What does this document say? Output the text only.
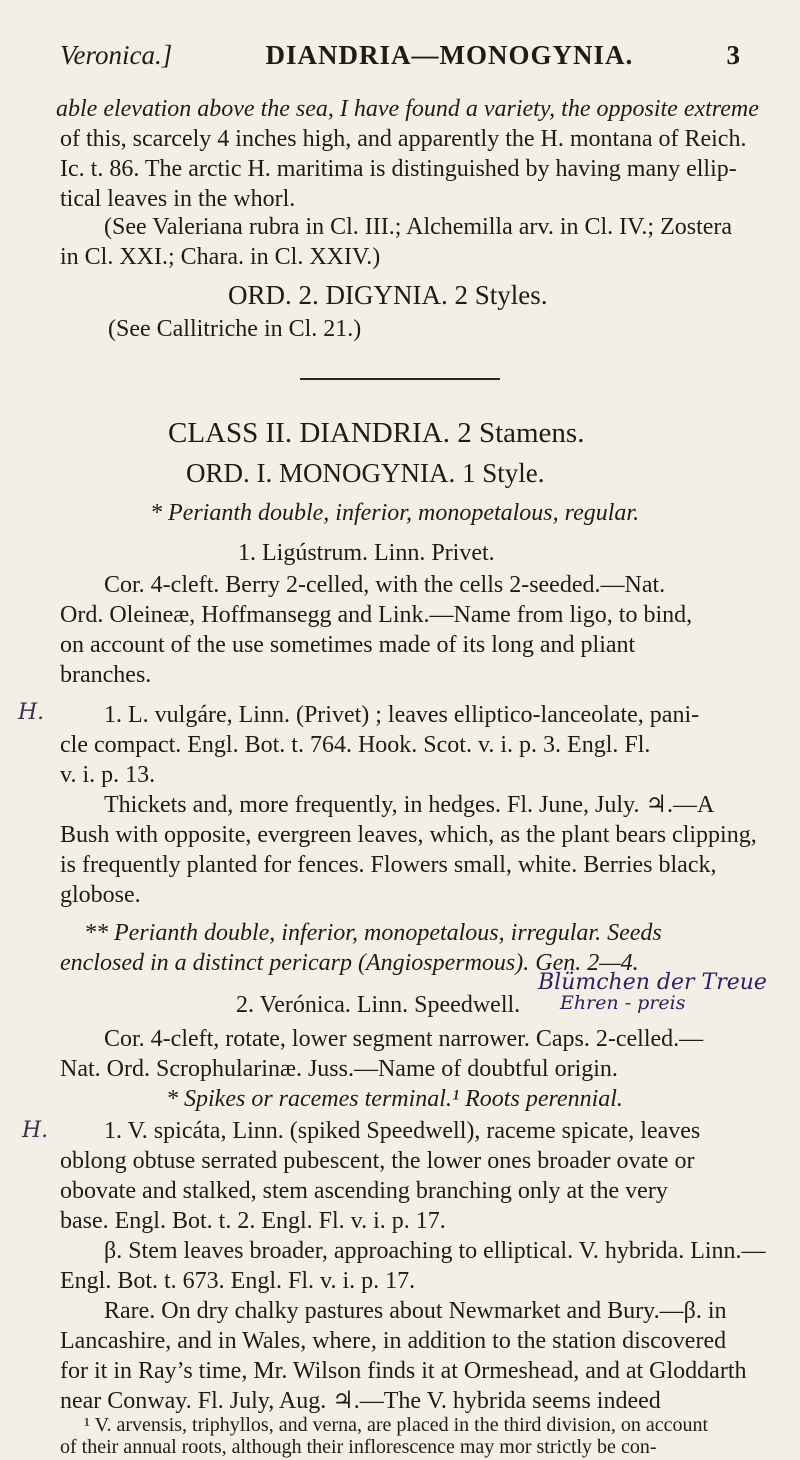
Veronica.]	DIANDRIA—MONOGYNIA.	3
able elevation above the sea, I have found a variety, the opposite extreme
of this, scarcely 4 inches high, and apparently the H. montana of Reich.
Ic. t. 86. The arctic H. maritima is distinguished by having many ellip-
tical leaves in the whorl.
(See Valeriana rubra in Cl. III.; Alchemilla arv. in Cl. IV.; Zostera
in Cl. XXI.; Chara. in Cl. XXIV.)
ORD. 2. DIGYNIA. 2 Styles.
(See Callitriche in Cl. 21.)
CLASS II. DIANDRIA. 2 Stamens.
ORD. I. MONOGYNIA. 1 Style.
* Perianth double, inferior, monopetalous, regular.
1. Ligústrum. Linn. Privet.
Cor. 4-cleft. Berry 2-celled, with the cells 2-seeded.—Nat.
Ord. Oleineæ, Hoffmansegg and Link.—Name from ligo, to bind,
on account of the use sometimes made of its long and pliant
branches.
H. 1. L. vulgáre, Linn. (Privet) ; leaves elliptico-lanceolate, pani-
cle compact. Engl. Bot. t. 764. Hook. Scot. v. i. p. 3. Engl. Fl.
v. i. p. 13.
Thickets and, more frequently, in hedges. Fl. June, July. ♃.—A
Bush with opposite, evergreen leaves, which, as the plant bears clipping,
is frequently planted for fences. Flowers small, white. Berries black,
globose.
** Perianth double, inferior, monopetalous, irregular. Seeds
enclosed in a distinct pericarp (Angiospermous). Gen. 2—4.
Blümchen der Treue
2. Verónica. Linn. Speedwell.	Ehren - preis
Cor. 4-cleft, rotate, lower segment narrower. Caps. 2-celled.—
Nat. Ord. Scrophularinæ. Juss.—Name of doubtful origin.
* Spikes or racemes terminal.¹ Roots perennial.
H. 1. V. spicáta, Linn. (spiked Speedwell), raceme spicate, leaves
oblong obtuse serrated pubescent, the lower ones broader ovate or
obovate and stalked, stem ascending branching only at the very
base. Engl. Bot. t. 2. Engl. Fl. v. i. p. 17.
β. Stem leaves broader, approaching to elliptical. V. hybrida. Linn.—
Engl. Bot. t. 673. Engl. Fl. v. i. p. 17.
Rare. On dry chalky pastures about Newmarket and Bury.—β. in
Lancashire, and in Wales, where, in addition to the station discovered
for it in Ray’s time, Mr. Wilson finds it at Ormeshead, and at Gloddarth
near Conway. Fl. July, Aug. ♃.—The V. hybrida seems indeed
¹ V. arvensis, triphyllos, and verna, are placed in the third division, on account
of their annual roots, although their inflorescence may mor strictly be con-
